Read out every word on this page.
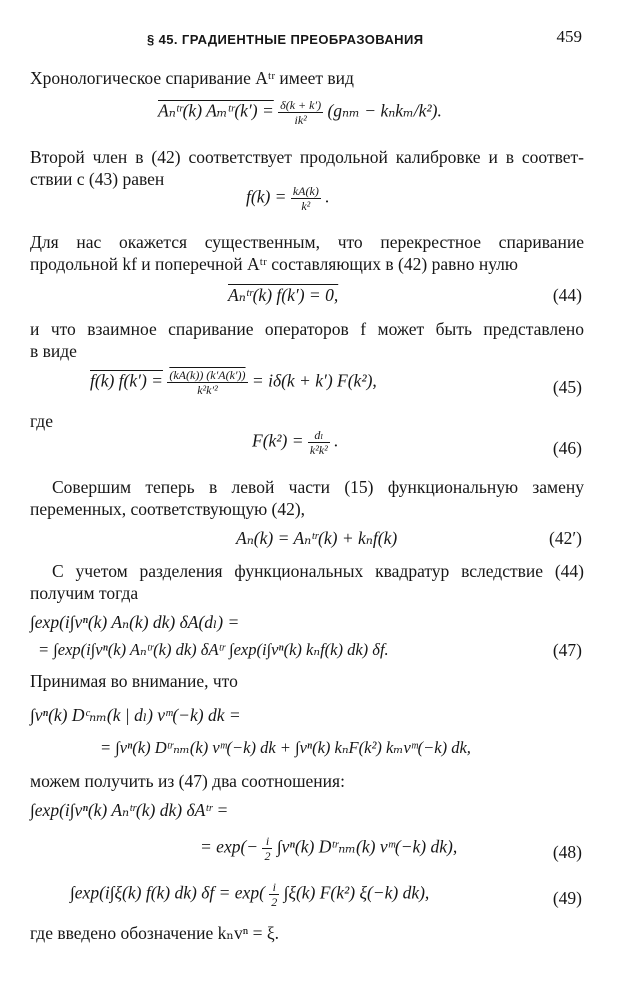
§ 45. ГРАДИЕНТНЫЕ ПРЕОБРАЗОВАНИЯ	459
Хронологическое спаривание Aᵗʳ имеет вид
Aₙᵗʳ(k) Aₘᵗʳ(k′) = $\frac{\delta(k + k')}{\text{ik²}} (g_{nm} - k_nk_m/k^2)$.
Второй член в (42) соответствует продольной калибровке и в соответ-
ствии с (43) равен
$f(k) = \frac{kA(k)}{\text{k²}}$ .
Для нас окажется существенным, что перекрестное спаривание
продольной kf и поперечной Aᵗʳ составляющих в (42) равно нулю
Aₙᵗʳ(k) f(k′) = 0,	(44)
и что взаимное спаривание операторов f может быть представлено
в виде
f(k) $f(k') = \frac{(kA(k)) (k'A(k'))}{\text{k²k′²}} = i\delta(k + k')$ F(k²),	(45)
где
$F(k^2) = \frac{\text{dₗ}}{\text{k²k²}}$ .	(46)
Совершим теперь в левой части (15) функциональную замену
переменных, соответствующую (42),
Aₙ(k) = Aₙᵗʳ(k) + kₙf(k)	(42′)
С учетом разделения функциональных квадратур вследствие (44)
получим тогда
∫exp(i∫vⁿ(k) Aₙ(k) dk) δA(dₗ) =
= ∫exp(i∫vⁿ(k) Aₙᵗʳ(k) dk) δAᵗʳ ∫exp(i∫vⁿ(k) kₙf(k) dk) δf.	(47)
Принимая во внимание, что
∫vⁿ(k) Dᶜₙₘ(k | dₗ) vᵐ(−k) dk =
= ∫vⁿ(k) Dᵗʳₙₘ(k) vᵐ(−k) dk + ∫vⁿ(k) kₙF(k²) kₘvᵐ(−k) dk,
можем получить из (47) два соотношения:
∫exp(i∫vⁿ(k) Aₙᵗʳ(k) dk) δAᵗʳ =
= $\exp(- \frac{i}{2} \int v^n(k)$ Dᵗʳₙₘ(k) vᵐ(−k) dk),	(48)
∫exp(i∫ξ(k) f(k) dk) $\delta f = \exp( \frac{i}{2} \int\xi(k)$ F(k²) ξ(−k) dk),	(49)
где введено обозначение kₙvⁿ = ξ.
